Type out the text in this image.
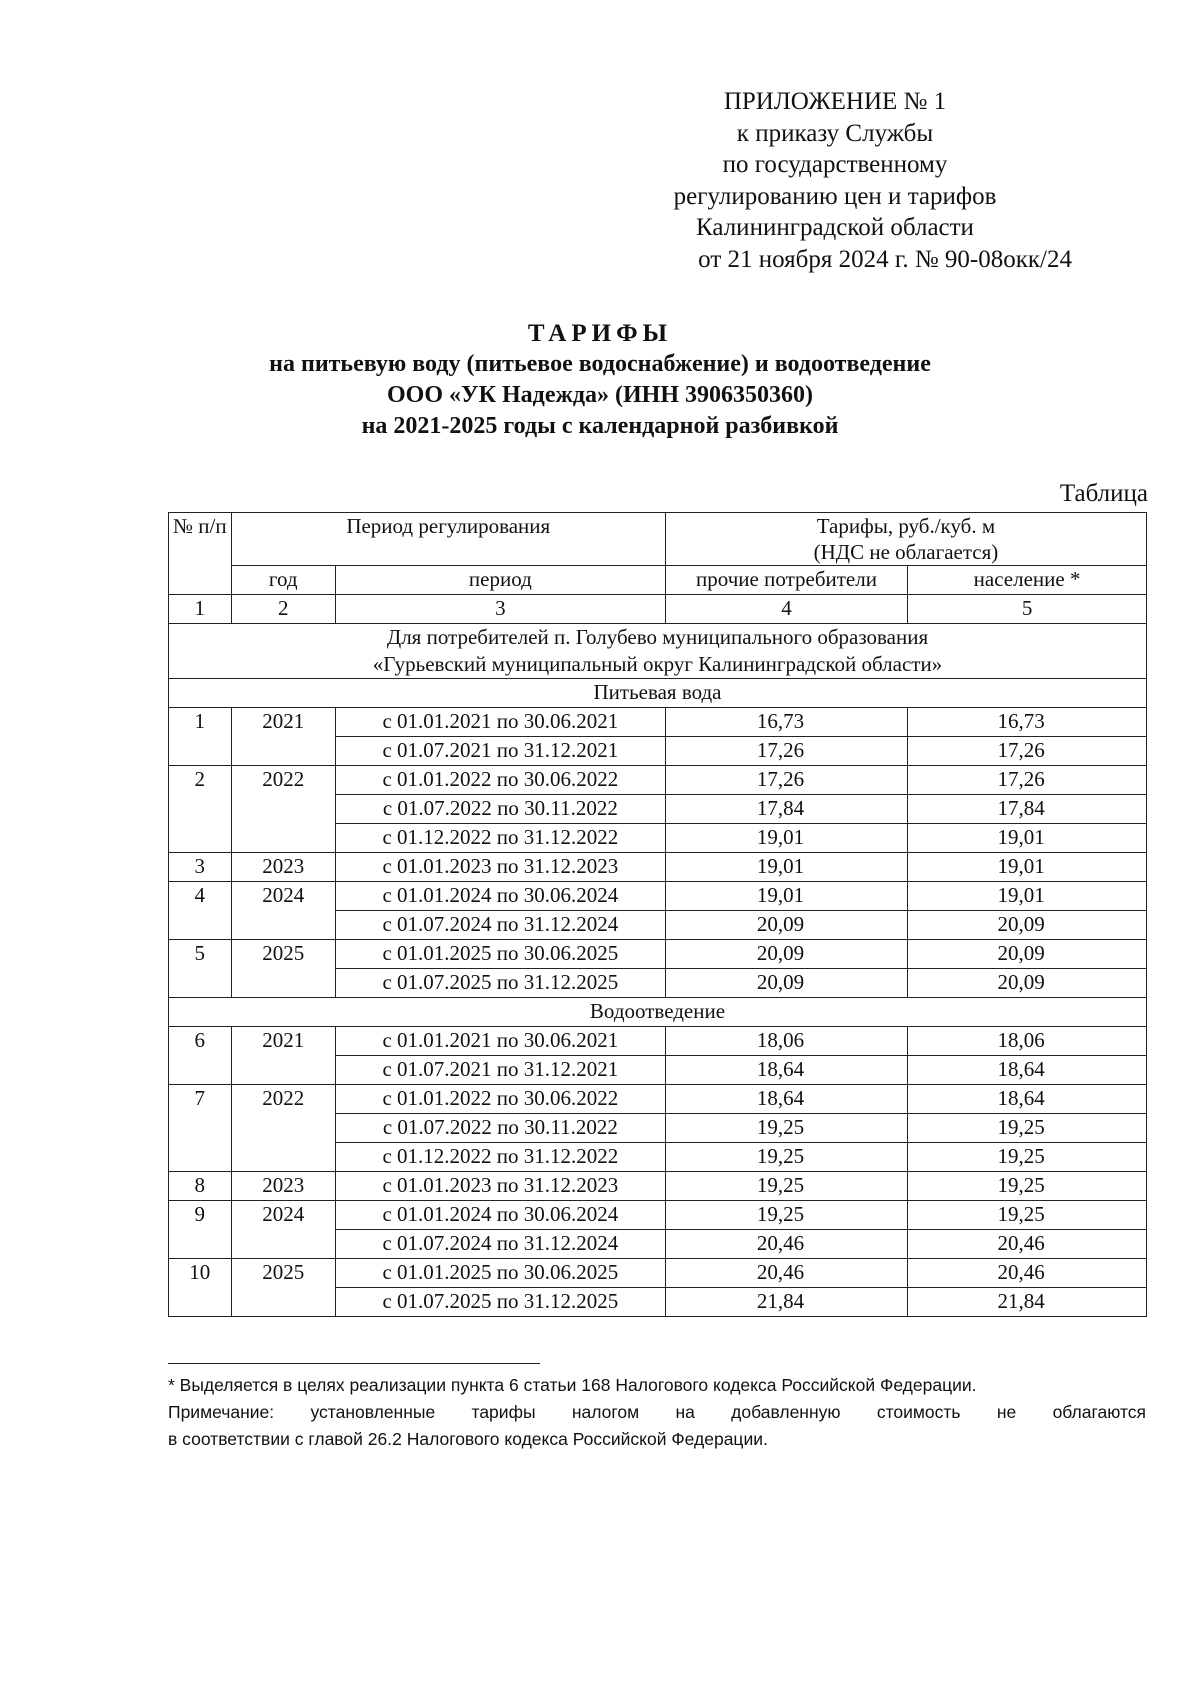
ПРИЛОЖЕНИЕ № 1
к приказу Службы
по государственному
регулированию цен и тарифов
Калининградской области
от 21 ноября 2024 г. № 90-08окк/24
ТАРИФЫ
на питьевую воду (питьевое водоснабжение) и водоотведение
ООО «УК Надежда» (ИНН 3906350360)
на 2021-2025 годы с календарной разбивкой
Таблица
№ п/п	Период регулирования		Тарифы, руб./куб. м
(НДС не облагается)	

	год	период	прочие потребители	население *
1	2	3	4	5

Для потребителей п. Голубево муниципального образования
«Гурьевский муниципальный округ Калининградской области»				

Питьевая вода				
1	2021	с 01.01.2021 по 30.06.2021	16,73	16,73
		с 01.07.2021 по 31.12.2021	17,26	17,26
2	2022	с 01.01.2022 по 30.06.2022	17,26	17,26
		с 01.07.2022 по 30.11.2022	17,84	17,84
		с 01.12.2022 по 31.12.2022	19,01	19,01
3	2023	с 01.01.2023 по 31.12.2023	19,01	19,01
4	2024	с 01.01.2024 по 30.06.2024	19,01	19,01
		с 01.07.2024 по 31.12.2024	20,09	20,09
5	2025	с 01.01.2025 по 30.06.2025	20,09	20,09
		с 01.07.2025 по 31.12.2025	20,09	20,09
Водоотведение				
6	2021	с 01.01.2021 по 30.06.2021	18,06	18,06
		с 01.07.2021 по 31.12.2021	18,64	18,64
7	2022	с 01.01.2022 по 30.06.2022	18,64	18,64
		с 01.07.2022 по 30.11.2022	19,25	19,25
		с 01.12.2022 по 31.12.2022	19,25	19,25
8	2023	с 01.01.2023 по 31.12.2023	19,25	19,25
9	2024	с 01.01.2024 по 30.06.2024	19,25	19,25
		с 01.07.2024 по 31.12.2024	20,46	20,46
10	2025	с 01.01.2025 по 30.06.2025	20,46	20,46
		с 01.07.2025 по 31.12.2025	21,84	21,84
* Выделяется в целях реализации пункта 6 статьи 168 Налогового кодекса Российской Федерации.
Примечание: установленные тарифы налогом на добавленную стоимость не облагаются
в соответствии с главой 26.2 Налогового кодекса Российской Федерации.
